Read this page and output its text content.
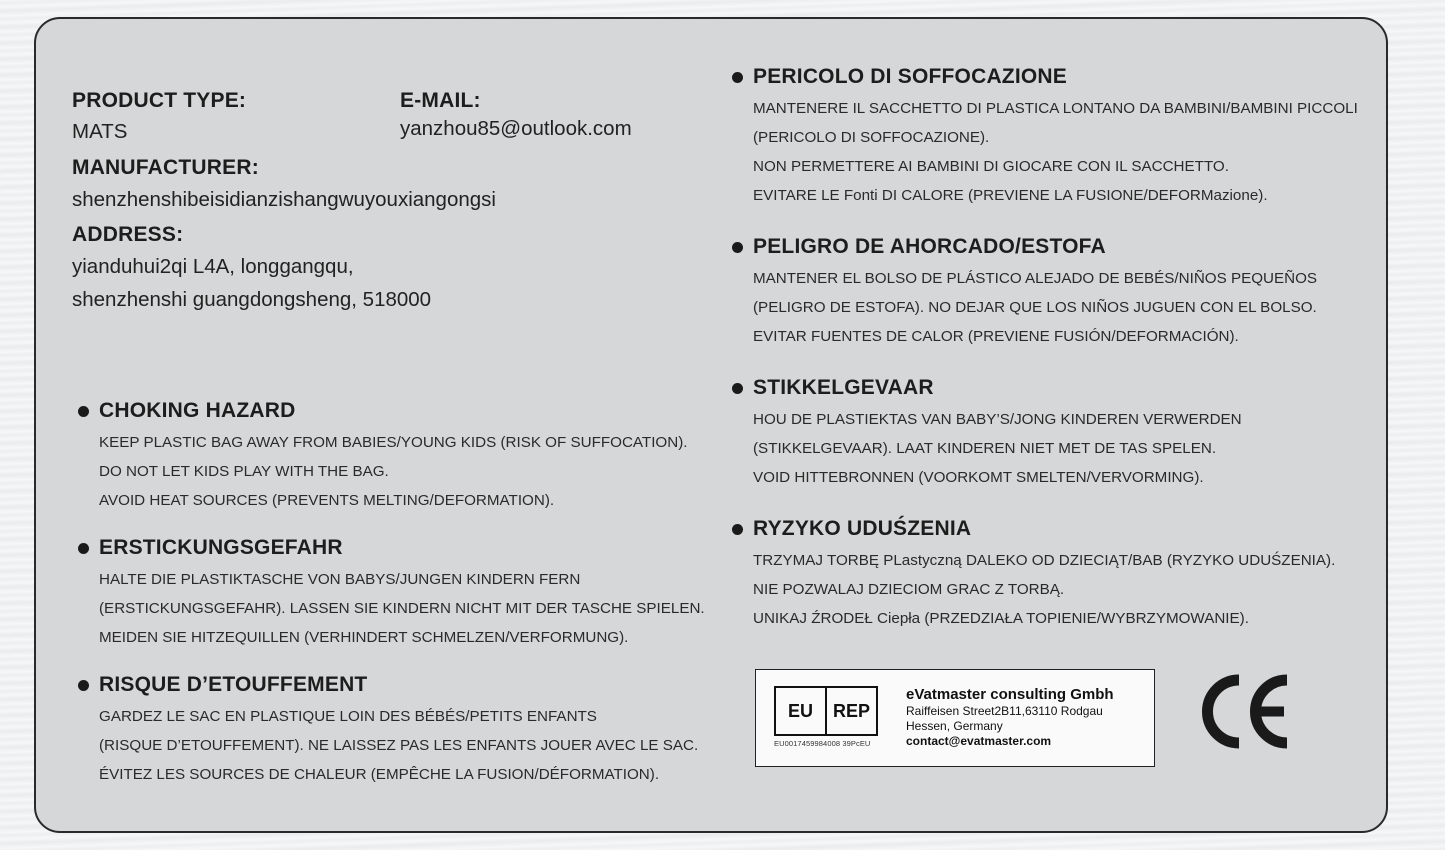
PRODUCT TYPE:
MATS
E-MAIL:
yanzhou85@outlook.com
MANUFACTURER:
shenzhenshibeisidianzishangwuyouxiangongsi
ADDRESS:
yianduhui2qi L4A, longgangqu,
shenzhenshi guangdongsheng, 518000
CHOKING HAZARD
KEEP PLASTIC BAG AWAY FROM BABIES/YOUNG KIDS (RISK OF SUFFOCATION).
DO NOT LET KIDS PLAY WITH THE BAG.
AVOID HEAT SOURCES (PREVENTS MELTING/DEFORMATION).
ERSTICKUNGSGEFAHR
HALTE DIE PLASTIKTASCHE VON BABYS/JUNGEN KINDERN FERN
(ERSTICKUNGSGEFAHR). LASSEN SIE KINDERN NICHT MIT DER TASCHE SPIELEN.
MEIDEN SIE HITZEQUILLEN (VERHINDERT SCHMELZEN/VERFORMUNG).
RISQUE D’ETOUFFEMENT
GARDEZ LE SAC EN PLASTIQUE LOIN DES BÉBÉS/PETITS ENFANTS
(RISQUE D’ETOUFFEMENT). NE LAISSEZ PAS LES ENFANTS JOUER AVEC LE SAC.
ÉVITEZ LES SOURCES DE CHALEUR (EMPÊCHE LA FUSION/DÉFORMATION).
PERICOLO DI SOFFOCAZIONE
MANTENERE IL SACCHETTO DI PLASTICA LONTANO DA BAMBINI/BAMBINI PICCOLI
(PERICOLO DI SOFFOCAZIONE).
NON PERMETTERE AI BAMBINI DI GIOCARE CON IL SACCHETTO.
EVITARE LE Fonti DI CALORE (PREVIENE LA FUSIONE/DEFORMazione).
PELIGRO DE AHORCADO/ESTOFA
MANTENER EL BOLSO DE PLÁSTICO ALEJADO DE BEBÉS/NIÑOS PEQUEÑOS
(PELIGRO DE ESTOFA). NO DEJAR QUE LOS NIÑOS JUGUEN CON EL BOLSO.
EVITAR FUENTES DE CALOR (PREVIENE FUSIÓN/DEFORMACIÓN).
STIKKELGEVAAR
HOU DE PLASTIEKTAS VAN BABY’S/JONG KINDEREN VERWERDEN
(STIKKELGEVAAR). LAAT KINDEREN NIET MET DE TAS SPELEN.
VOID HITTEBRONNEN (VOORKOMT SMELTEN/VERVORMING).
RYZYKO UDUŚZENIA
TRZYMAJ TORBĘ PLastyczną DALEKO OD DZIECIĄT/BAB (RYZYKO UDUŚZENIA).
NIE POZWALAJ DZIECIOM GRAC Z TORBĄ.
UNIKAJ ŹRODEŁ Ciepła (PRZEDZIAŁA TOPIENIE/WYBRZYMOWANIE).
EU	REP
EU0017459984008 39PcEU
eVatmaster consulting Gmbh
Raiffeisen Street2B11,63110 Rodgau
Hessen, Germany
contact@evatmaster.com
